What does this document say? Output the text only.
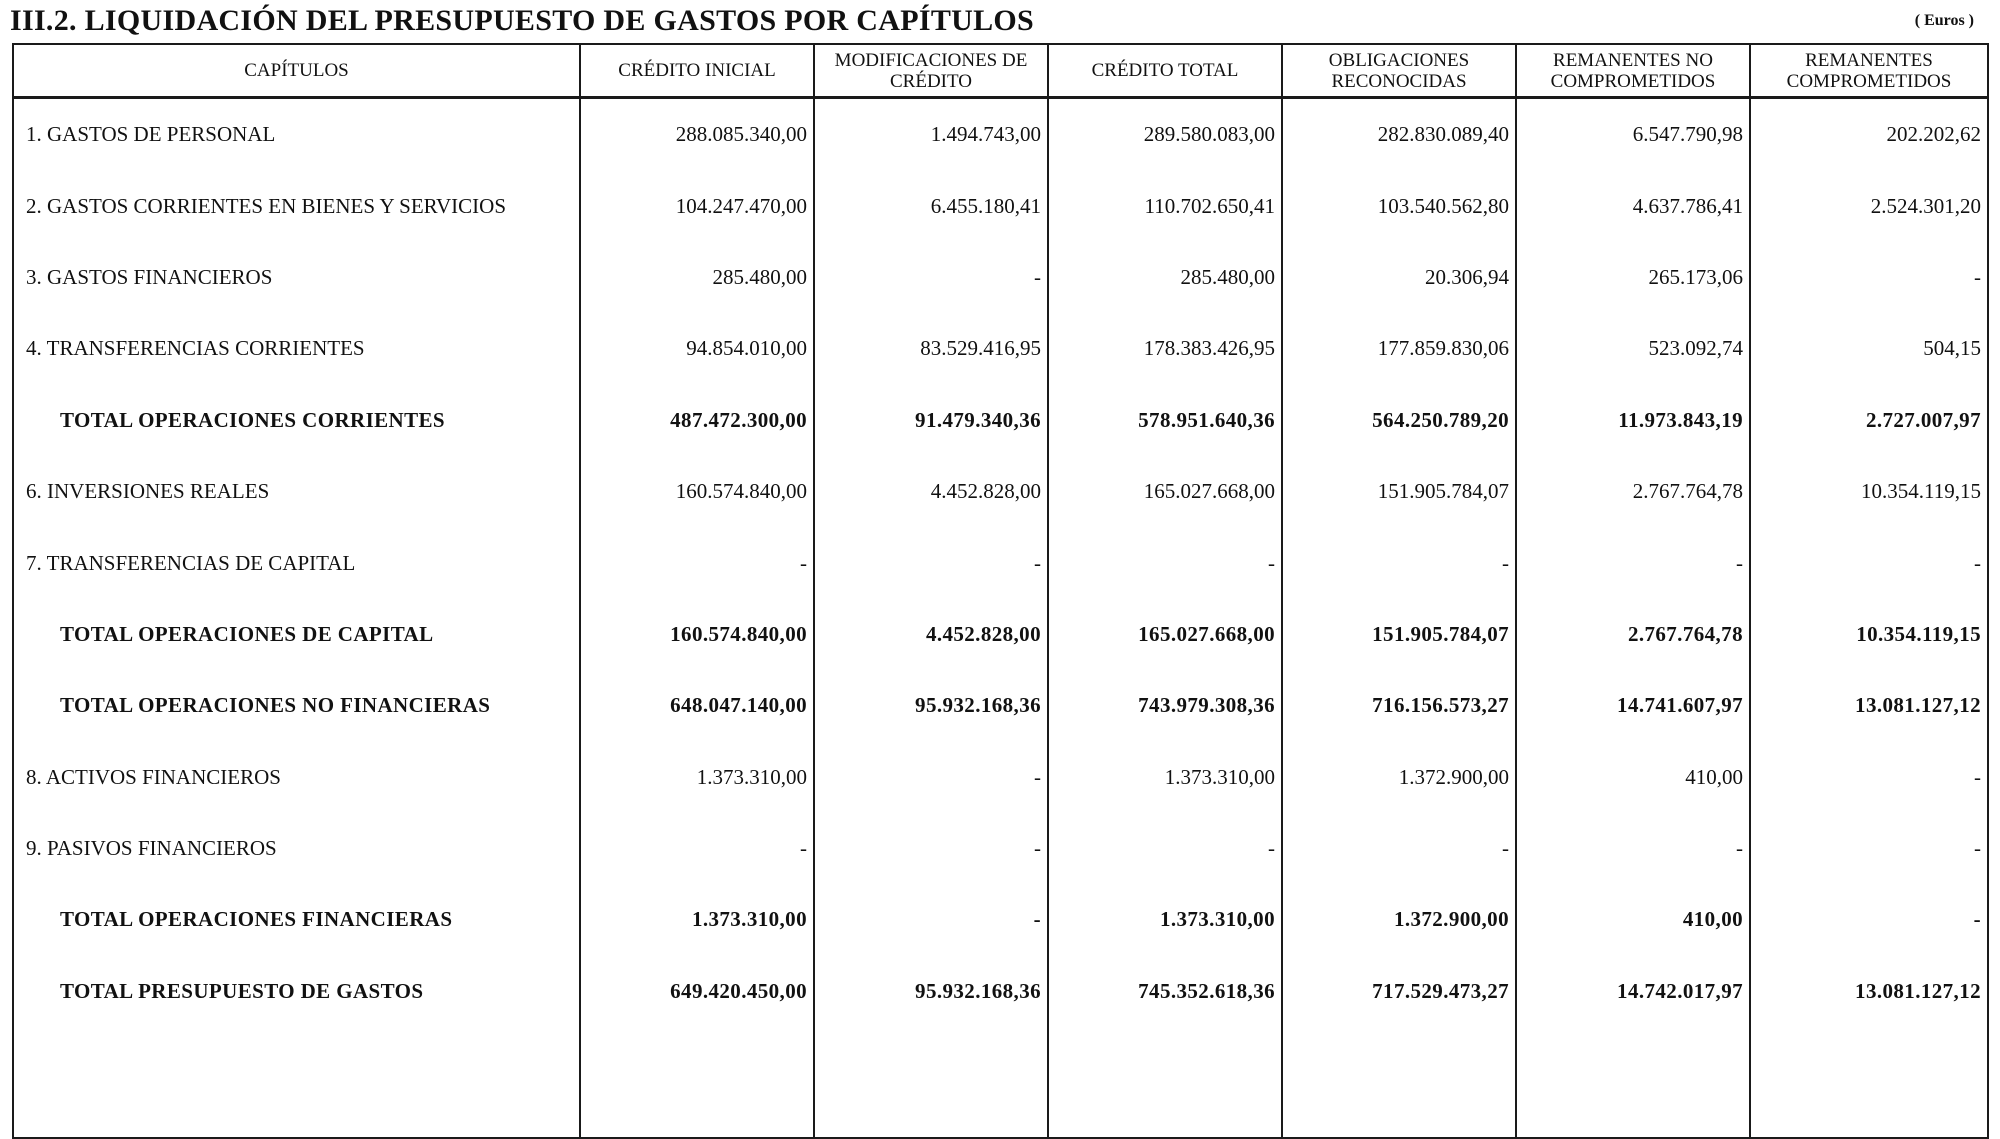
III.2. LIQUIDACIÓN DEL PRESUPUESTO DE GASTOS POR CAPÍTULOS	( Euros )
CAPÍTULOS	CRÉDITO INICIAL	MODIFICACIONES DE CRÉDITO	CRÉDITO TOTAL	OBLIGACIONES RECONOCIDAS	REMANENTES NO COMPROMETIDOS	REMANENTES COMPROMETIDOS
1. GASTOS DE PERSONAL	288.085.340,00	1.494.743,00	289.580.083,00	282.830.089,40	6.547.790,98	202.202,62
2. GASTOS CORRIENTES EN BIENES Y SERVICIOS	104.247.470,00	6.455.180,41	110.702.650,41	103.540.562,80	4.637.786,41	2.524.301,20
3. GASTOS FINANCIEROS	285.480,00	-	285.480,00	20.306,94	265.173,06	-
4. TRANSFERENCIAS CORRIENTES	94.854.010,00	83.529.416,95	178.383.426,95	177.859.830,06	523.092,74	504,15
TOTAL OPERACIONES CORRIENTES	487.472.300,00	91.479.340,36	578.951.640,36	564.250.789,20	11.973.843,19	2.727.007,97
6. INVERSIONES REALES	160.574.840,00	4.452.828,00	165.027.668,00	151.905.784,07	2.767.764,78	10.354.119,15
7. TRANSFERENCIAS DE CAPITAL	-	-	-	-	-	-
TOTAL OPERACIONES DE CAPITAL	160.574.840,00	4.452.828,00	165.027.668,00	151.905.784,07	2.767.764,78	10.354.119,15
TOTAL OPERACIONES NO FINANCIERAS	648.047.140,00	95.932.168,36	743.979.308,36	716.156.573,27	14.741.607,97	13.081.127,12
8. ACTIVOS FINANCIEROS	1.373.310,00	-	1.373.310,00	1.372.900,00	410,00	-
9. PASIVOS FINANCIEROS	-	-	-	-	-	-
TOTAL OPERACIONES FINANCIERAS	1.373.310,00	-	1.373.310,00	1.372.900,00	410,00	-
TOTAL PRESUPUESTO DE GASTOS	649.420.450,00	95.932.168,36	745.352.618,36	717.529.473,27	14.742.017,97	13.081.127,12
